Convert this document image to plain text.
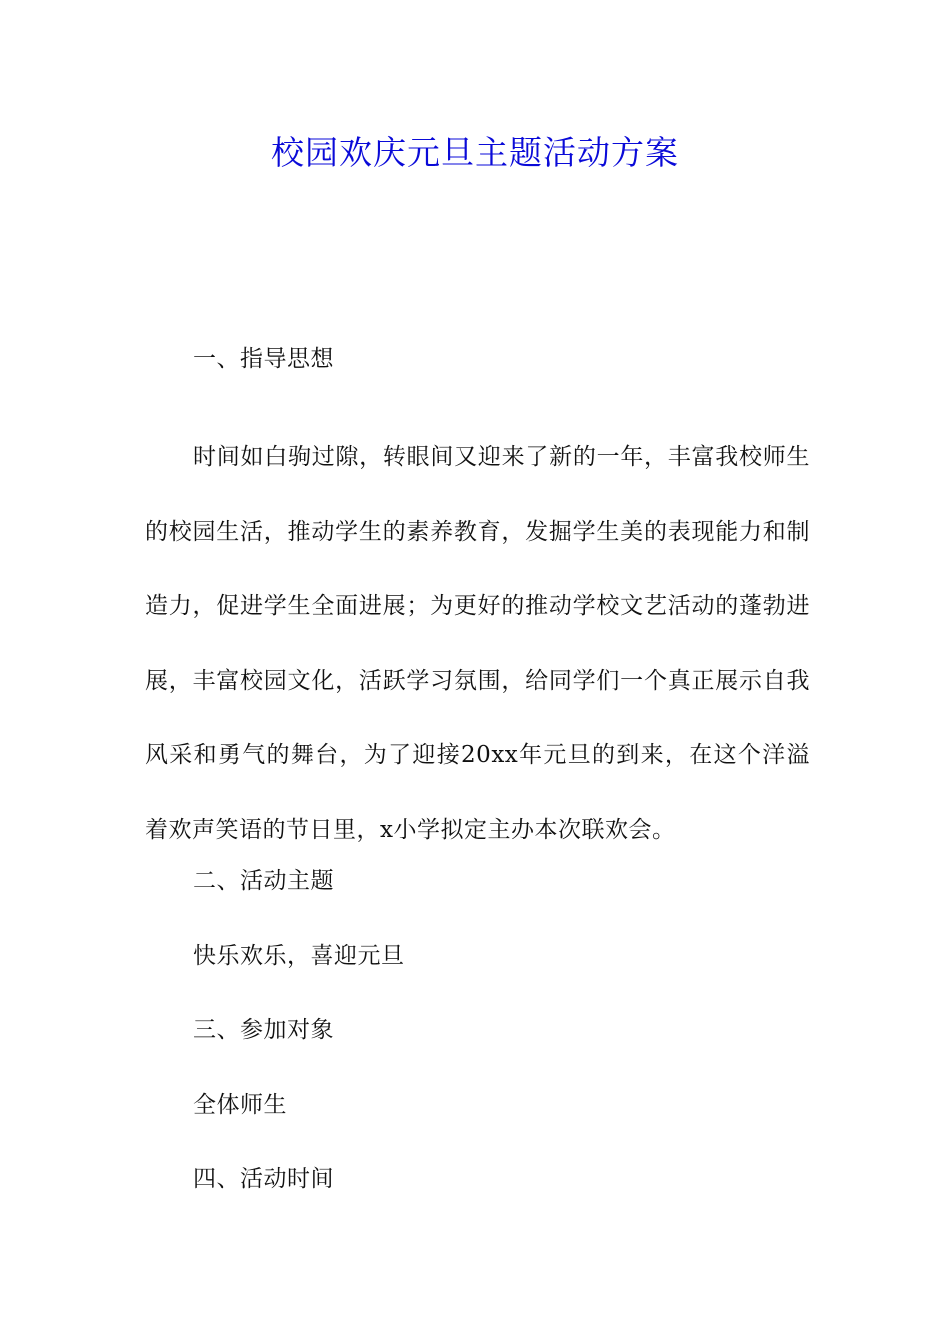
校园欢庆元旦主题活动方案
一、指导思想

时间如白驹过隙，转眼间又迎来了新的一年，丰富我校师生的校园生活，推动学生的素养教育，发掘学生美的表现能力和制造力，促进学生全面进展；为更好的推动学校文艺活动的蓬勃进展，丰富校园文化，活跃学习氛围，给同学们一个真正展示自我风采和勇气的舞台，为了迎接20xx年元旦的到来，在这个洋溢着欢声笑语的节日里，x小学拟定主办本次联欢会。

二、活动主题
快乐欢乐，喜迎元旦
三、参加对象
全体师生
四、活动时间
